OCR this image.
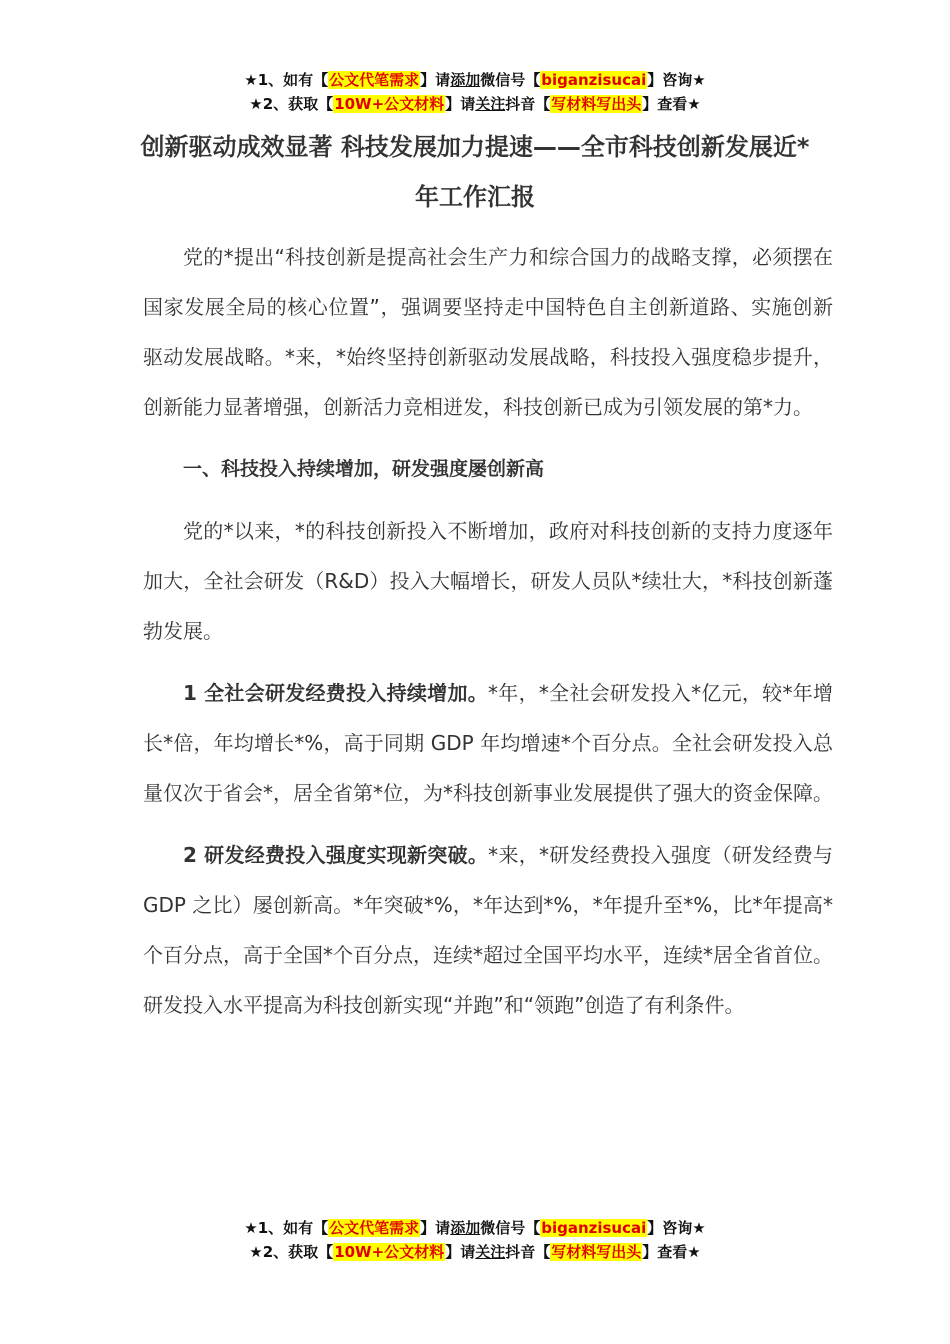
★1、如有【公文代笔需求】请添加微信号【biganzisucai】咨询★
★2、获取【10W+公文材料】请关注抖音【写材料写出头】查看★
创新驱动成效显著 科技发展加力提速——全市科技创新发展近*年工作汇报

党的*提出“科技创新是提高社会生产力和综合国力的战略支撑，必须摆在国家发展全局的核心位置”，强调要坚持走中国特色自主创新道路、实施创新驱动发展战略。*来，*始终坚持创新驱动发展战略，科技投入强度稳步提升，创新能力显著增强，创新活力竞相迸发，科技创新已成为引领发展的第*力。

一、科技投入持续增加，研发强度屡创新高

党的*以来，*的科技创新投入不断增加，政府对科技创新的支持力度逐年加大，全社会研发（R&D）投入大幅增长，研发人员队*续壮大，*科技创新蓬勃发展。

1 全社会研发经费投入持续增加。*年，*全社会研发投入*亿元，较*年增长*倍，年均增长*%，高于同期 GDP 年均增速*个百分点。全社会研发投入总量仅次于省会*，居全省第*位，为*科技创新事业发展提供了强大的资金保障。

2 研发经费投入强度实现新突破。*来，*研发经费投入强度（研发经费与 GDP 之比）屡创新高。*年突破*%，*年达到*%，*年提升至*%，比*年提高*个百分点，高于全国*个百分点，连续*超过全国平均水平，连续*居全省首位。研发投入水平提高为科技创新实现“并跑”和“领跑”创造了有利条件。

★1、如有【公文代笔需求】请添加微信号【biganzisucai】咨询★
★2、获取【10W+公文材料】请关注抖音【写材料写出头】查看★
